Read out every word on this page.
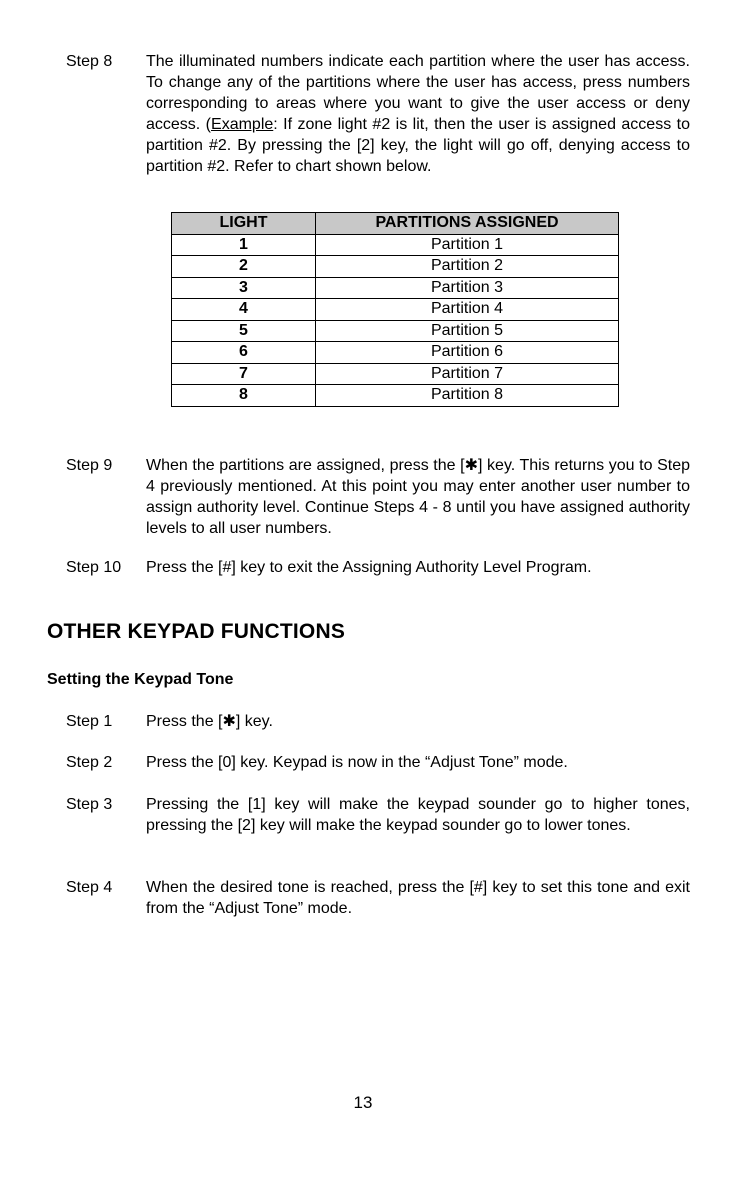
Step 8 The illuminated numbers indicate each partition where the user has access. To change any of the partitions where the user has access, press numbers corresponding to areas where you want to give the user access or deny access. (Example: If zone light #2 is lit, then the user is assigned access to partition #2. By pressing the [2] key, the light will go off, denying access to partition #2. Refer to chart shown below.
LIGHT	PARTITIONS ASSIGNED
1	Partition 1
2	Partition 2
3	Partition 3
4	Partition 4
5	Partition 5
6	Partition 6
7	Partition 7
8	Partition 8
Step 9 When the partitions are assigned, press the [✱] key. This returns you to Step 4 previously mentioned. At this point you may enter another user number to assign authority level. Continue Steps 4 - 8 until you have assigned authority levels to all user numbers.
Step 10 Press the [#] key to exit the Assigning Authority Level Program.
OTHER KEYPAD FUNCTIONS
Setting the Keypad Tone
Step 1 Press the [✱] key.
Step 2 Press the [0] key. Keypad is now in the “Adjust Tone” mode.
Step 3 Pressing the [1] key will make the keypad sounder go to higher tones, pressing the [2] key will make the keypad sounder go to lower tones.
Step 4 When the desired tone is reached, press the [#] key to set this tone and exit from the “Adjust Tone” mode.
13
